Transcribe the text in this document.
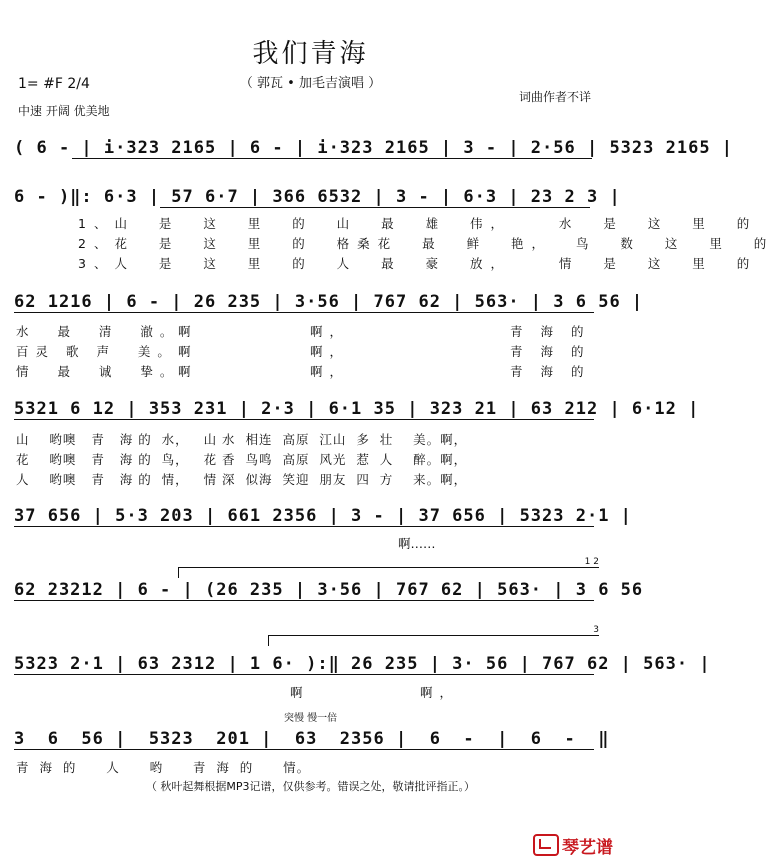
我们青海
（ 郭瓦 • 加毛吉演唱 ）
1= #F 2/4
中速 开阔 优美地
词曲作者不详
( 6 - | i·323 2165 | 6 - | i·323 2165 | 3 - | 2·56 | 5323 2165 |
6 - )‖: 6·3 | 57 6·7 | 366 6532 | 3 - | 6·3 | 23 2 3 |
1、山  是  这  里  的  山  最  雄  伟，    水  是  这  里  的
2、花  是  这  里  的  格桑花  最  鲜  艳，  鸟  数  这  里  的
3、人  是  这  里  的  人  最  豪  放，    情  是  这  里  的
62 1216 | 6 - | 26 235 | 3·56 | 767 62 | 563· | 3 6 56 |
水  最  清  澈。
啊	啊，	青 海 的
百灵 歌 声  美。 啊	啊，	青 海 的
情  最  诚  挚。
啊	啊，	青 海 的
5321 6 12 | 353 231 | 2·3 | 6·1 35 | 323 21 | 63 212 | 6·12 |
山    哟噢   青   海 的  水，   山 水  相连  高原  江山  多  壮    美。啊，
花    哟噢   青   海 的  鸟，   花 香  鸟鸣  高原  风光  惹  人    醉。啊，
人    哟噢   青   海 的  情，   情 深  似海  笑迎  朋友  四  方    来。啊，
37 656 | 5·3 203 | 661 2356 | 3 - | 37 656 | 5323 2·1 |
啊……
1 2
62 23212 | 6 - | (26 235 | 3·56 | 767 62 | 563· | 3 6 56
3
5323 2·1 | 63 2312 | 1 6· ):‖ 26 235 | 3· 56 | 767 62 | 563· |
啊	啊，
突慢 慢一倍
3  6  56 |  5323  201 |  63  2356 |  6  -  |  6  -  ‖
青  海  的      人      哟      青  海  的      情。
（ 秋叶起舞根据MP3记谱，仅供参考。错误之处，敬请批评指正。）
琴艺谱
